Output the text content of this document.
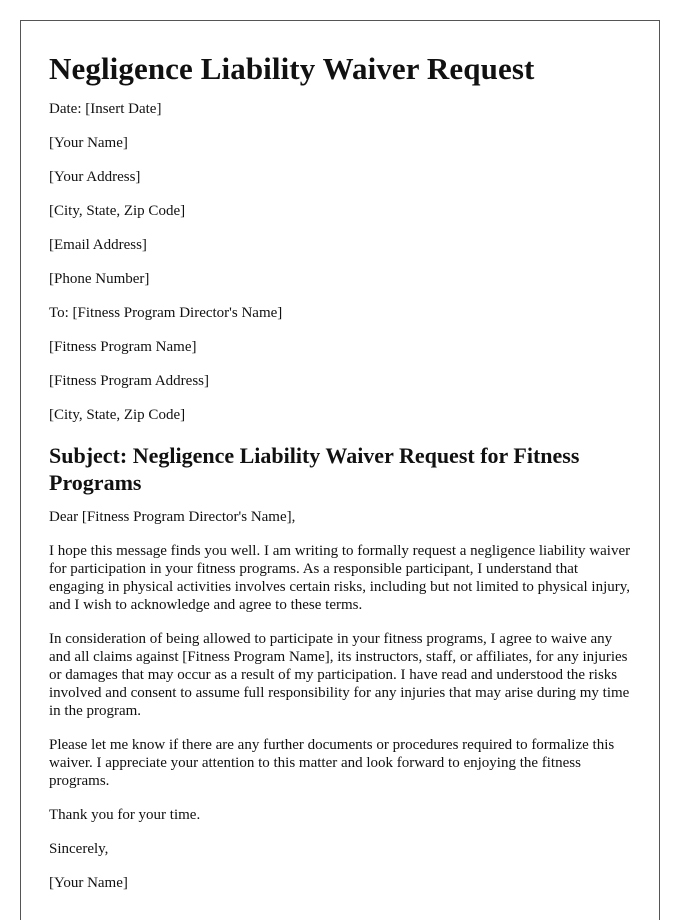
Negligence Liability Waiver Request

Date: [Insert Date]

[Your Name]

[Your Address]

[City, State, Zip Code]

[Email Address]

[Phone Number]

To: [Fitness Program Director's Name]

[Fitness Program Name]

[Fitness Program Address]

[City, State, Zip Code]

Subject: Negligence Liability Waiver Request for Fitness Programs

Dear [Fitness Program Director's Name],

I hope this message finds you well. I am writing to formally request a negligence liability waiver for participation in your fitness programs. As a responsible participant, I understand that engaging in physical activities involves certain risks, including but not limited to physical injury, and I wish to acknowledge and agree to these terms.

In consideration of being allowed to participate in your fitness programs, I agree to waive any and all claims against [Fitness Program Name], its instructors, staff, or affiliates, for any injuries or damages that may occur as a result of my participation. I have read and understood the risks involved and consent to assume full responsibility for any injuries that may arise during my time in the program.

Please let me know if there are any further documents or procedures required to formalize this waiver. I appreciate your attention to this matter and look forward to enjoying the fitness programs.

Thank you for your time.

Sincerely,

[Your Name]
